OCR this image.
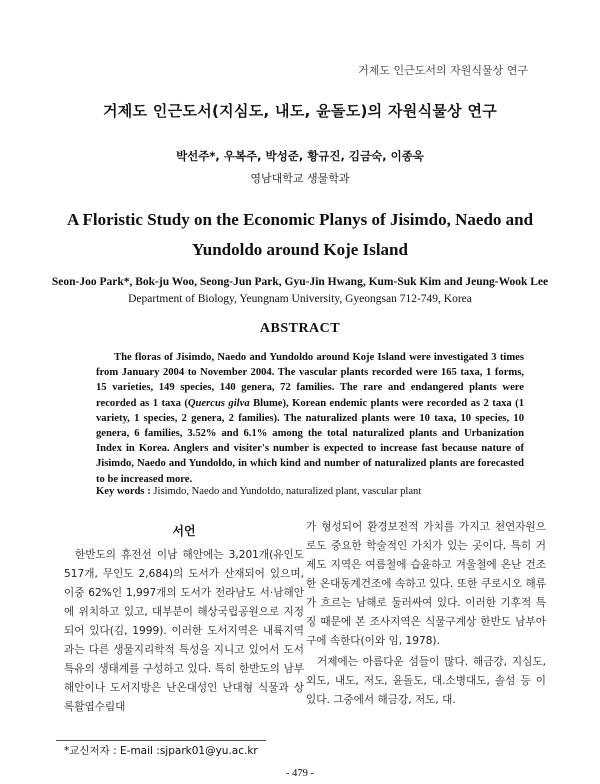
거제도 인근도서의 자원식물상 연구
거제도 인근도서(지심도, 내도, 윤돌도)의 자원식물상 연구
박선주*, 우복주, 박성준, 황규진, 김금숙, 이종욱
영남대학교 생물학과
A Floristic Study on the Economic Planys of Jisimdo, Naedo and Yundoldo around Koje Island
Seon-Joo Park*, Bok-ju Woo, Seong-Jun Park, Gyu-Jin Hwang, Kum-Suk Kim and Jeung-Wook Lee
Department of Biology, Yeungnam University, Gyeongsan 712-749, Korea
ABSTRACT

The floras of Jisimdo, Naedo and Yundoldo around Koje Island were investigated 3 times from January 2004 to November 2004. The vascular plants recorded were 165 taxa, 1 forms, 15 varieties, 149 species, 140 genera, 72 families. The rare and endangered plants were recorded as 1 taxa (Quercus gilva Blume), Korean endemic plants were recorded as 2 taxa (1 variety, 1 species, 2 genera, 2 families). The naturalized plants were 10 taxa, 10 species, 10 genera, 6 families, 3.52% and 6.1% among the total naturalized plants and Urbanization Index in Korea. Anglers and visiter's number is expected to increase fast because nature of Jisimdo, Naedo and Yundoldo, in which kind and number of naturalized plants are forecasted to be increased more.

Key words : Jisimdo, Naedo and Yundoldo, naturalized plant, vascular plant
서언

한반도의 휴전선 이남 해안에는 3,201개(유인도 517개, 무인도 2,684)의 도서가 산재되어 있으며, 이중 62%인 1,997개의 도서가 전라남도 서·남해안에 위치하고 있고, 대부분이 해상국립공원으로 지정되어 있다(김, 1999). 이러한 도서지역은 내륙지역과는 다른 생물지리학적 특성을 지니고 있어서 도서 특유의 생태계를 구성하고 있다. 특히 한반도의 남부해안이나 도서지방은 난온대성인 난대형 식물과 상록활엽수림대

가 형성되어 환경보전적 가치를 가지고 천연자원으로도 중요한 학술적인 가치가 있는 곳이다. 특히 거제도 지역은 여름철에 습윤하고 겨울철에 온난 건조한 온대동계건조에 속하고 있다. 또한 쿠로시오 해류가 흐르는 남해로 둘러싸여 있다. 이러한 기후적 특징 때문에 본 조사지역은 식물구계상 한반도 남부아구에 속한다(이와 임, 1978).

거제에는 아름다운 섬들이 많다. 해금강, 지심도, 외도, 내도, 저도, 윤돌도, 대.소병대도, 솔섬 등 이 있다. 그중에서 해금강, 저도, 대.

*교신저자 : E-mail :sjpark01@yu.ac.kr
- 479 -
